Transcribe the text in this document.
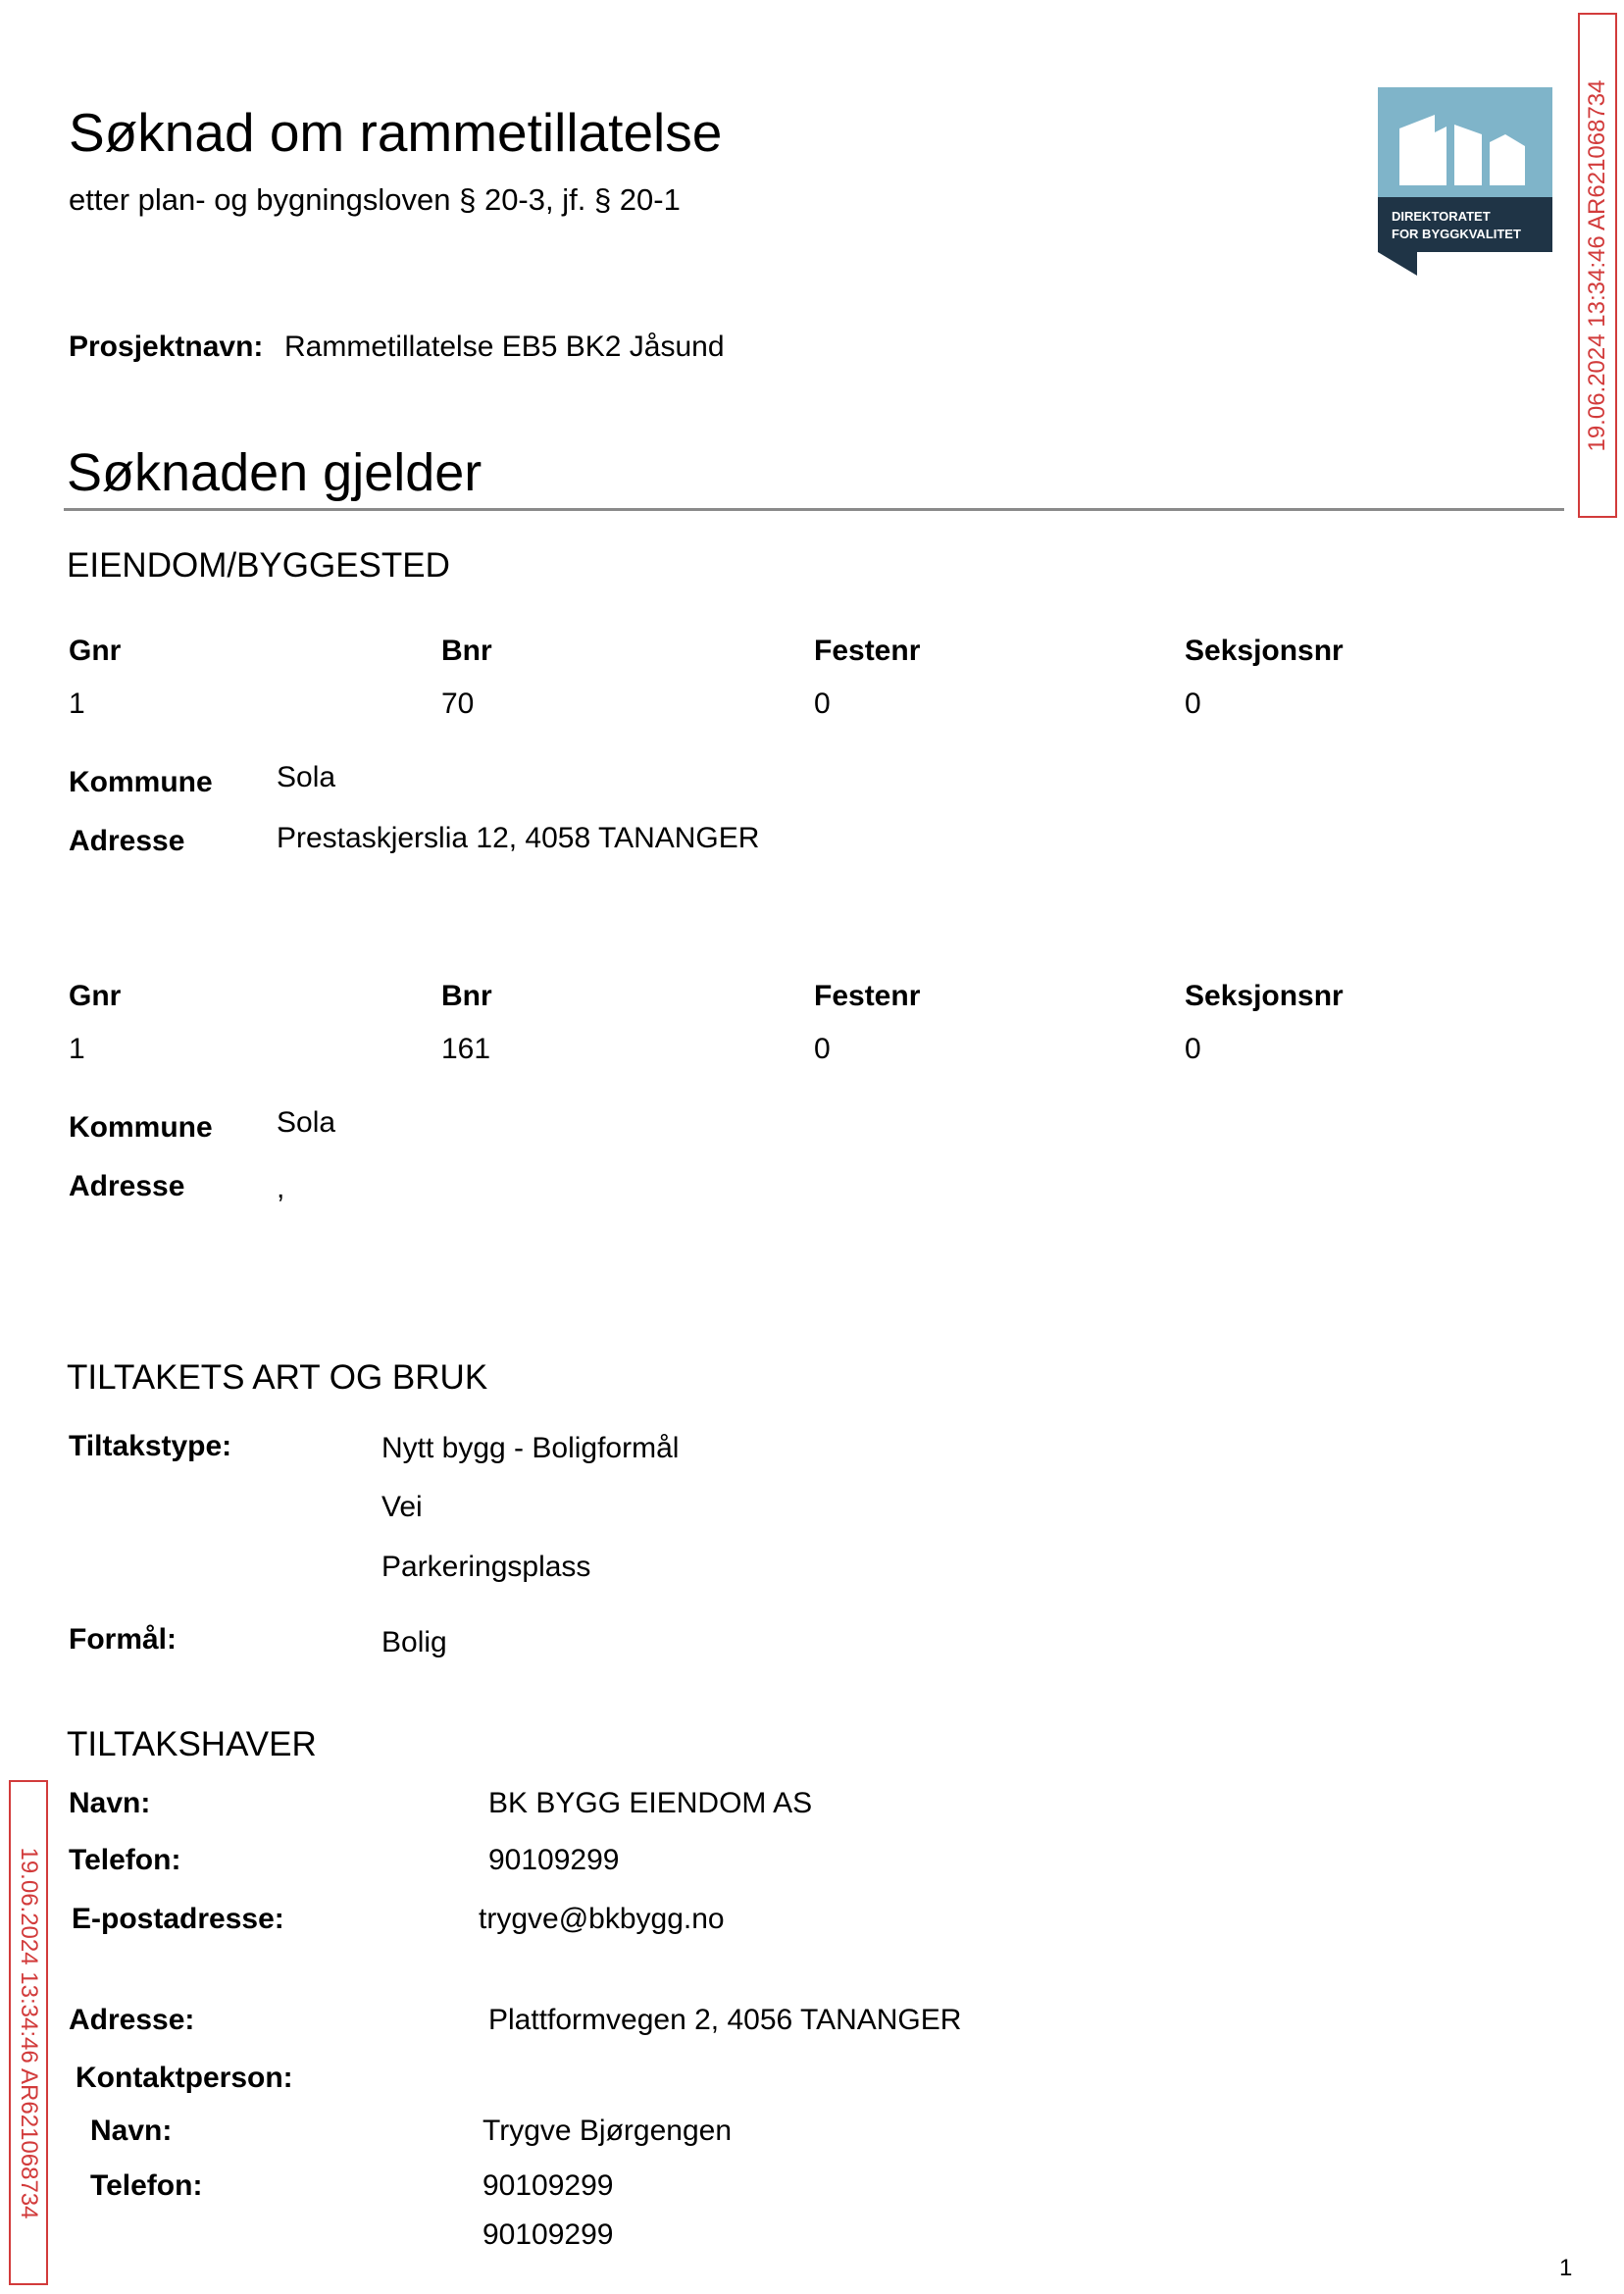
Søknad om rammetillatelse
etter plan- og bygningsloven § 20-3, jf. § 20-1	DIREKTORATET
FOR BYGGKVALITET	19.06.2024 13:34:46 AR621068734
19.06.2024 13:34:46 AR621068734
Prosjektnavn: Rammetillatelse EB5 BK2 Jåsund
Søknaden gjelder
EIENDOM/BYGGESTED
Gnr	Bnr	Festenr	Seksjonsnr
1	70	0	0
Kommune Sola
Adresse	Prestaskjerslia 12, 4058 TANANGER
Gnr	Bnr	Festenr	Seksjonsnr
1	161	0	0
Kommune Sola
Adresse	,
TILTAKETS ART OG BRUK
Tiltakstype:	Nytt bygg - Boligformål
Vei
Parkeringsplass
Formål:	Bolig
TILTAKSHAVER
Navn:	BK BYGG EIENDOM AS
Telefon:	90109299
E-postadresse:	trygve@bkbygg.no
Adresse:	Plattformvegen 2, 4056 TANANGER
Kontaktperson:
Navn:	Trygve Bjørgengen
Telefon:	90109299
90109299
1
